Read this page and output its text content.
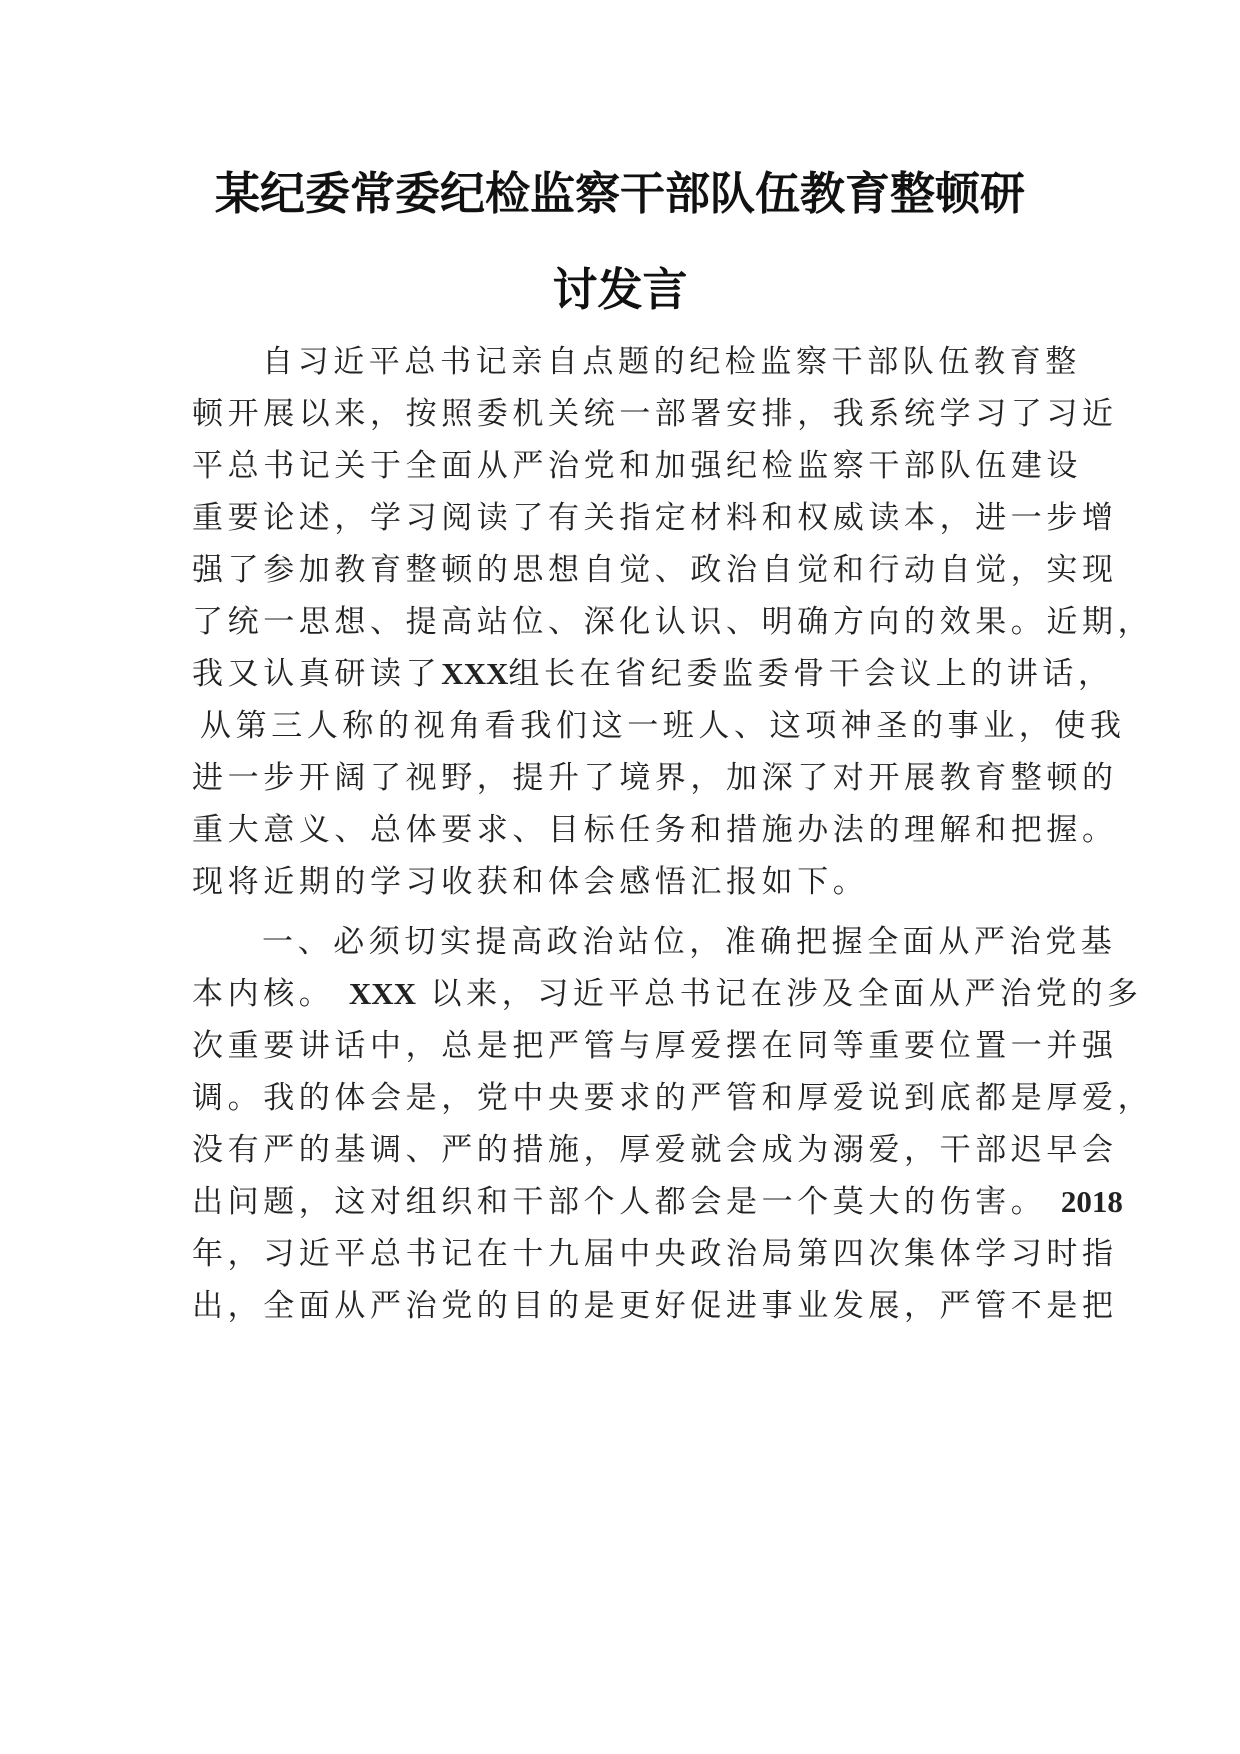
某纪委常委纪检监察干部队伍教育整顿研
讨发言
自习近平总书记亲自点题的纪检监察干部队伍教育整
顿开展以来，按照委机关统一部署安排，我系统学习了习近
平总书记关于全面从严治党和加强纪检监察干部队伍建设
重要论述，学习阅读了有关指定材料和权威读本，进一步增
强了参加教育整顿的思想自觉、政治自觉和行动自觉，实现
了统一思想、提高站位、深化认识、明确方向的效果。近期，
我又认真研读了XXX组长在省纪委监委骨干会议上的讲话，
从第三人称的视角看我们这一班人、这项神圣的事业，使我
进一步开阔了视野，提升了境界，加深了对开展教育整顿的
重大意义、总体要求、目标任务和措施办法的理解和把握。
现将近期的学习收获和体会感悟汇报如下。
一、必须切实提高政治站位，准确把握全面从严治党基
本内核。 XXX 以来，习近平总书记在涉及全面从严治党的多
次重要讲话中，总是把严管与厚爱摆在同等重要位置一并强
调。我的体会是，党中央要求的严管和厚爱说到底都是厚爱，
没有严的基调、严的措施，厚爱就会成为溺爱，干部迟早会
出问题，这对组织和干部个人都会是一个莫大的伤害。 2018
年，习近平总书记在十九届中央政治局第四次集体学习时指
出，全面从严治党的目的是更好促进事业发展，严管不是把
